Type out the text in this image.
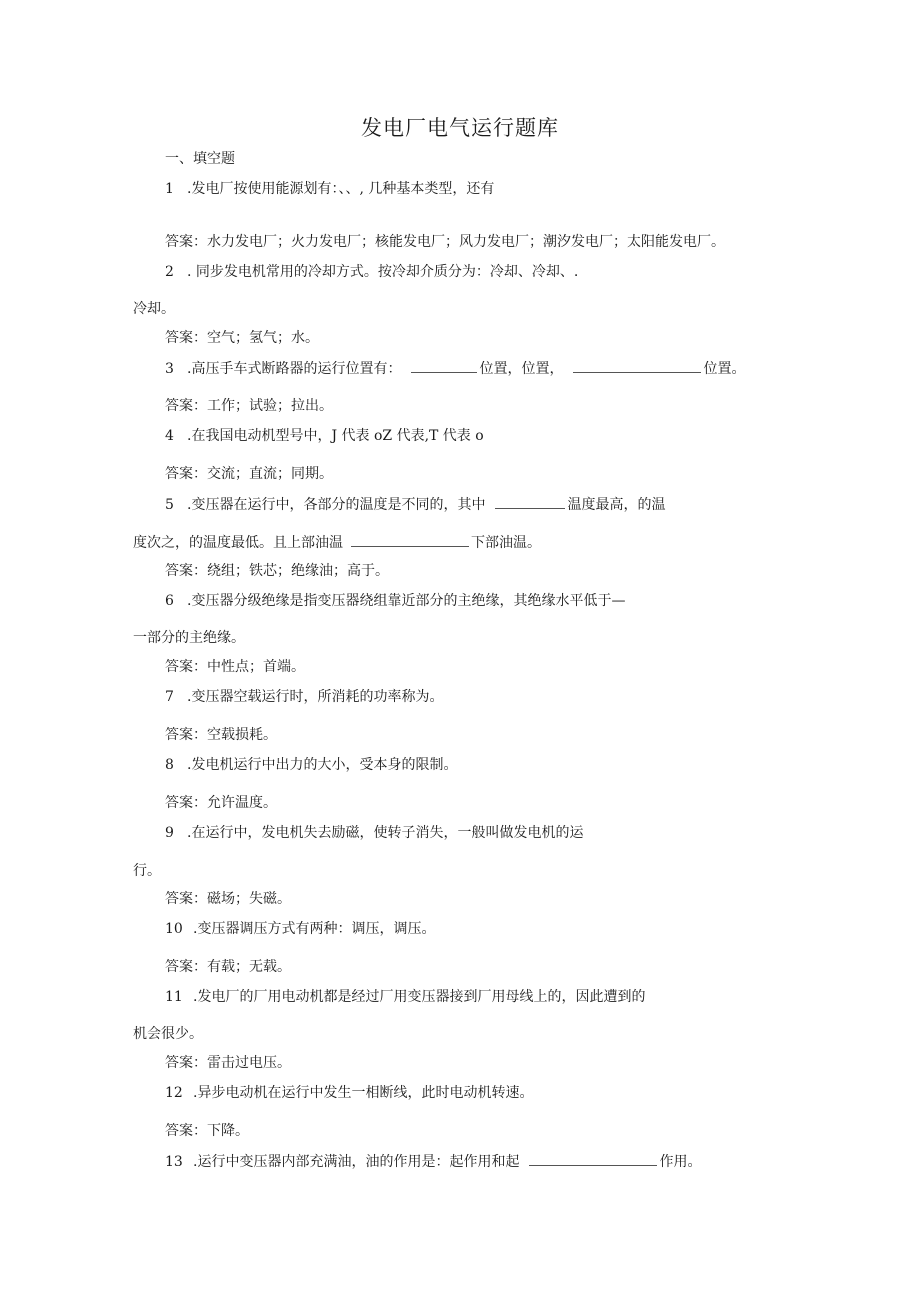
发电厂电气运行题库
一、填空题
1 .发电厂按使用能源划有：、、, 几种基本类型，还有
答案：水力发电厂；火力发电厂；核能发电厂；风力发电厂；潮汐发电厂；太阳能发电厂。
2 . 同步发电机常用的冷却方式。按冷却介质分为：冷却、冷却、.
冷却。
答案：空气；氢气；水。
3 .高压手车式断路器的运行位置有：	位置，位置，	位置。
答案：工作；试验；拉出。
4 .在我国电动机型号中，J 代表 oZ 代表,T 代表 o
答案：交流；直流；同期。
5 .变压器在运行中，各部分的温度是不同的，其中	温度最高，的温
度次之，的温度最低。且上部油温	下部油温。
答案：绕组；铁芯；绝缘油；高于。
6 .变压器分级绝缘是指变压器绕组靠近部分的主绝缘，其绝缘水平低于—
一部分的主绝缘。
答案：中性点；首端。
7 .变压器空载运行时，所消耗的功率称为。
答案：空载损耗。
8 .发电机运行中出力的大小，受本身的限制。
答案：允许温度。
9 .在运行中，发电机失去励磁，使转子消失，一般叫做发电机的运
行。
答案：磁场；失磁。
10 .变压器调压方式有两种：调压，调压。
答案：有载；无载。
11 .发电厂的厂用电动机都是经过厂用变压器接到厂用母线上的，因此遭到的
机会很少。
答案：雷击过电压。
12 .异步电动机在运行中发生一相断线，此时电动机转速。
答案：下降。
13 .运行中变压器内部充满油，油的作用是：起作用和起	作用。
